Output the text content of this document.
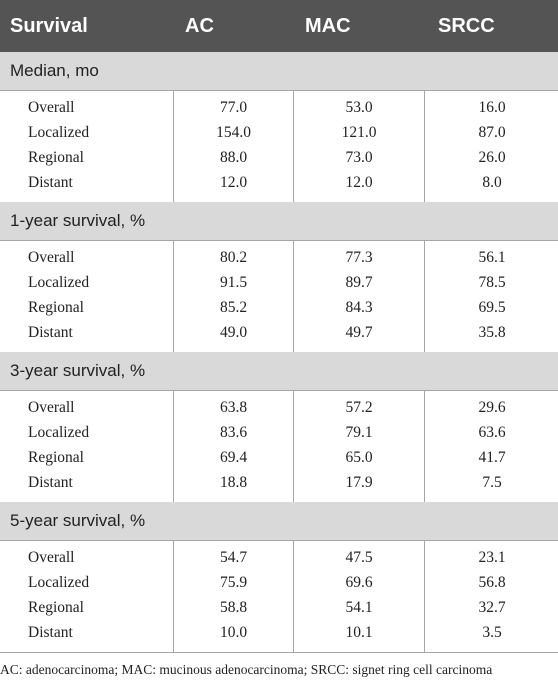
Survival	AC	MAC	SRCC
Median, mo
Overall	77.0	53.0	16.0
Localized	154.0	121.0	87.0
Regional	88.0	73.0	26.0
Distant	12.0	12.0	8.0
1-year survival, %
Overall	80.2	77.3	56.1
Localized	91.5	89.7	78.5
Regional	85.2	84.3	69.5
Distant	49.0	49.7	35.8
3-year survival, %
Overall	63.8	57.2	29.6
Localized	83.6	79.1	63.6
Regional	69.4	65.0	41.7
Distant	18.8	17.9	7.5
5-year survival, %
Overall	54.7	47.5	23.1
Localized	75.9	69.6	56.8
Regional	58.8	54.1	32.7
Distant	10.0	10.1	3.5
AC: adenocarcinoma; MAC: mucinous adenocarcinoma; SRCC: signet ring cell carcinoma
